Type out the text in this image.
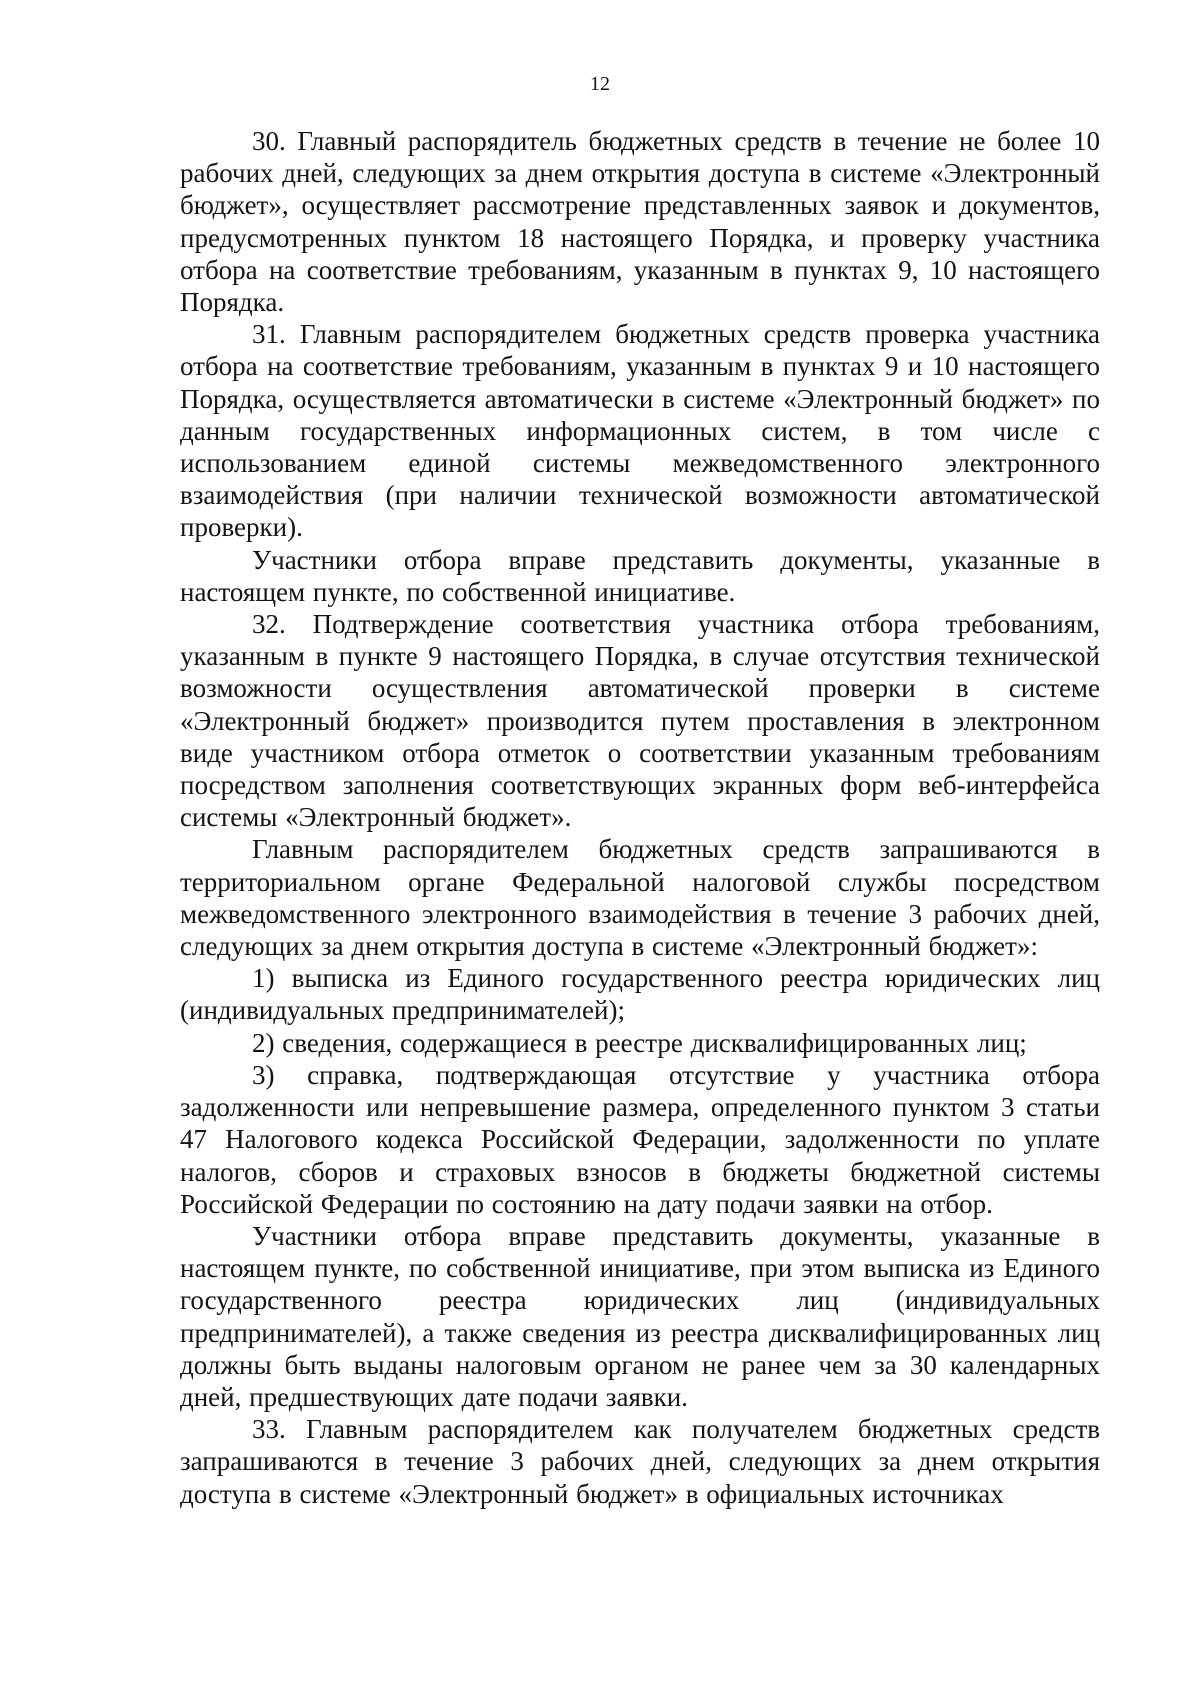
12

30. Главный распорядитель бюджетных средств в течение не более 10 рабочих дней, следующих за днем открытия доступа в системе «Электронный бюджет», осуществляет рассмотрение представленных заявок и документов, предусмотренных пунктом 18 настоящего Порядка, и проверку участника отбора на соответствие требованиям, указанным в пунктах 9, 10 настоящего Порядка.

31. Главным распорядителем бюджетных средств проверка участника отбора на соответствие требованиям, указанным в пунктах 9 и 10 настоящего Порядка, осуществляется автоматически в системе «Электронный бюджет» по данным государственных информационных систем, в том числе с использованием единой системы межведомственного электронного взаимодействия (при наличии технической возможности автоматической проверки).

Участники отбора вправе представить документы, указанные в настоящем пункте, по собственной инициативе.

32. Подтверждение соответствия участника отбора требованиям, указанным в пункте 9 настоящего Порядка, в случае отсутствия технической возможности осуществления автоматической проверки в системе «Электронный бюджет» производится путем проставления в электронном виде участником отбора отметок о соответствии указанным требованиям посредством заполнения соответствующих экранных форм веб-интерфейса системы «Электронный бюджет».

Главным распорядителем бюджетных средств запрашиваются в территориальном органе Федеральной налоговой службы посредством межведомственного электронного взаимодействия в течение 3 рабочих дней, следующих за днем открытия доступа в системе «Электронный бюджет»:

1) выписка из Единого государственного реестра юридических лиц (индивидуальных предпринимателей);

2) сведения, содержащиеся в реестре дисквалифицированных лиц;

3) справка, подтверждающая отсутствие у участника отбора задолженности или непревышение размера, определенного пунктом 3 статьи 47 Налогового кодекса Российской Федерации, задолженности по уплате налогов, сборов и страховых взносов в бюджеты бюджетной системы Российской Федерации по состоянию на дату подачи заявки на отбор.

Участники отбора вправе представить документы, указанные в настоящем пункте, по собственной инициативе, при этом выписка из Единого государственного реестра юридических лиц (индивидуальных предпринимателей), а также сведения из реестра дисквалифицированных лиц должны быть выданы налоговым органом не ранее чем за 30 календарных дней, предшествующих дате подачи заявки.

33. Главным распорядителем как получателем бюджетных средств запрашиваются в течение 3 рабочих дней, следующих за днем открытия доступа в системе «Электронный бюджет» в официальных источниках
